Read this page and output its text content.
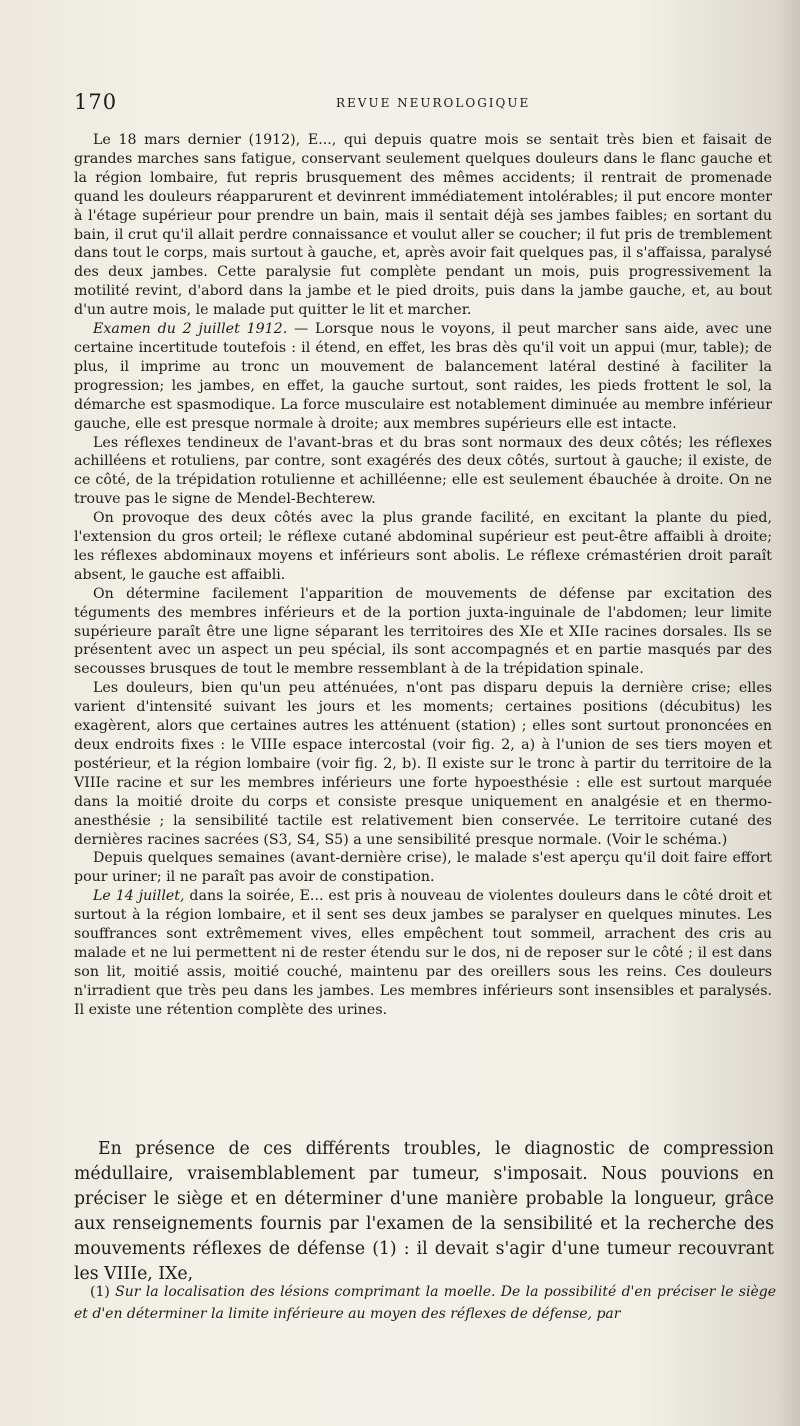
170	REVUE NEUROLOGIQUE

Le 18 mars dernier (1912), E..., qui depuis quatre mois se sentait très bien et faisait de grandes marches sans fatigue, conservant seulement quelques douleurs dans le flanc gauche et la région lombaire, fut repris brusquement des mêmes accidents; il rentrait de promenade quand les douleurs réapparurent et devinrent immédiatement intolérables; il put encore monter à l'étage supérieur pour prendre un bain, mais il sentait déjà ses jambes faibles; en sortant du bain, il crut qu'il allait perdre connaissance et voulut aller se coucher; il fut pris de tremblement dans tout le corps, mais surtout à gauche, et, après avoir fait quelques pas, il s'affaissa, paralysé des deux jambes. Cette paralysie fut complète pendant un mois, puis progressivement la motilité revint, d'abord dans la jambe et le pied droits, puis dans la jambe gauche, et, au bout d'un autre mois, le malade put quitter le lit et marcher.

Examen du 2 juillet 1912. — Lorsque nous le voyons, il peut marcher sans aide, avec une certaine incertitude toutefois : il étend, en effet, les bras dès qu'il voit un appui (mur, table); de plus, il imprime au tronc un mouvement de balancement latéral destiné à faciliter la progression; les jambes, en effet, la gauche surtout, sont raides, les pieds frottent le sol, la démarche est spasmodique. La force musculaire est notablement diminuée au membre inférieur gauche, elle est presque normale à droite; aux membres supérieurs elle est intacte.

Les réflexes tendineux de l'avant-bras et du bras sont normaux des deux côtés; les réflexes achilléens et rotuliens, par contre, sont exagérés des deux côtés, surtout à gauche; il existe, de ce côté, de la trépidation rotulienne et achilléenne; elle est seulement ébauchée à droite. On ne trouve pas le signe de Mendel-Bechterew.

On provoque des deux côtés avec la plus grande facilité, en excitant la plante du pied, l'extension du gros orteil; le réflexe cutané abdominal supérieur est peut-être affaibli à droite; les réflexes abdominaux moyens et inférieurs sont abolis. Le réflexe crémastérien droit paraît absent, le gauche est affaibli.

On détermine facilement l'apparition de mouvements de défense par excitation des téguments des membres inférieurs et de la portion juxta-inguinale de l'abdomen; leur limite supérieure paraît être une ligne séparant les territoires des XIe et XIIe racines dorsales. Ils se présentent avec un aspect un peu spécial, ils sont accompagnés et en partie masqués par des secousses brusques de tout le membre ressemblant à de la trépidation spinale.

Les douleurs, bien qu'un peu atténuées, n'ont pas disparu depuis la dernière crise; elles varient d'intensité suivant les jours et les moments; certaines positions (décubitus) les exagèrent, alors que certaines autres les atténuent (station) ; elles sont surtout prononcées en deux endroits fixes : le VIIIe espace intercostal (voir fig. 2, a) à l'union de ses tiers moyen et postérieur, et la région lombaire (voir fig. 2, b). Il existe sur le tronc à partir du territoire de la VIIIe racine et sur les membres inférieurs une forte hypoesthésie : elle est surtout marquée dans la moitié droite du corps et consiste presque uniquement en analgésie et en thermo-anesthésie ; la sensibilité tactile est relativement bien conservée. Le territoire cutané des dernières racines sacrées (S3, S4, S5) a une sensibilité presque normale. (Voir le schéma.)

Depuis quelques semaines (avant-dernière crise), le malade s'est aperçu qu'il doit faire effort pour uriner; il ne paraît pas avoir de constipation.

Le 14 juillet, dans la soirée, E... est pris à nouveau de violentes douleurs dans le côté droit et surtout à la région lombaire, et il sent ses deux jambes se paralyser en quelques minutes. Les souffrances sont extrêmement vives, elles empêchent tout sommeil, arrachent des cris au malade et ne lui permettent ni de rester étendu sur le dos, ni de reposer sur le côté ; il est dans son lit, moitié assis, moitié couché, maintenu par des oreillers sous les reins. Ces douleurs n'irradient que très peu dans les jambes. Les membres inférieurs sont insensibles et paralysés. Il existe une rétention complète des urines.

En présence de ces différents troubles, le diagnostic de compression médullaire, vraisemblablement par tumeur, s'imposait. Nous pouvions en préciser le siège et en déterminer d'une manière probable la longueur, grâce aux renseignements fournis par l'examen de la sensibilité et la recherche des mouvements réflexes de défense (1) : il devait s'agir d'une tumeur recouvrant les VIIIe, IXe,

(1) Sur la localisation des lésions comprimant la moelle. De la possibilité d'en préciser le siège et d'en déterminer la limite inférieure au moyen des réflexes de défense, par
